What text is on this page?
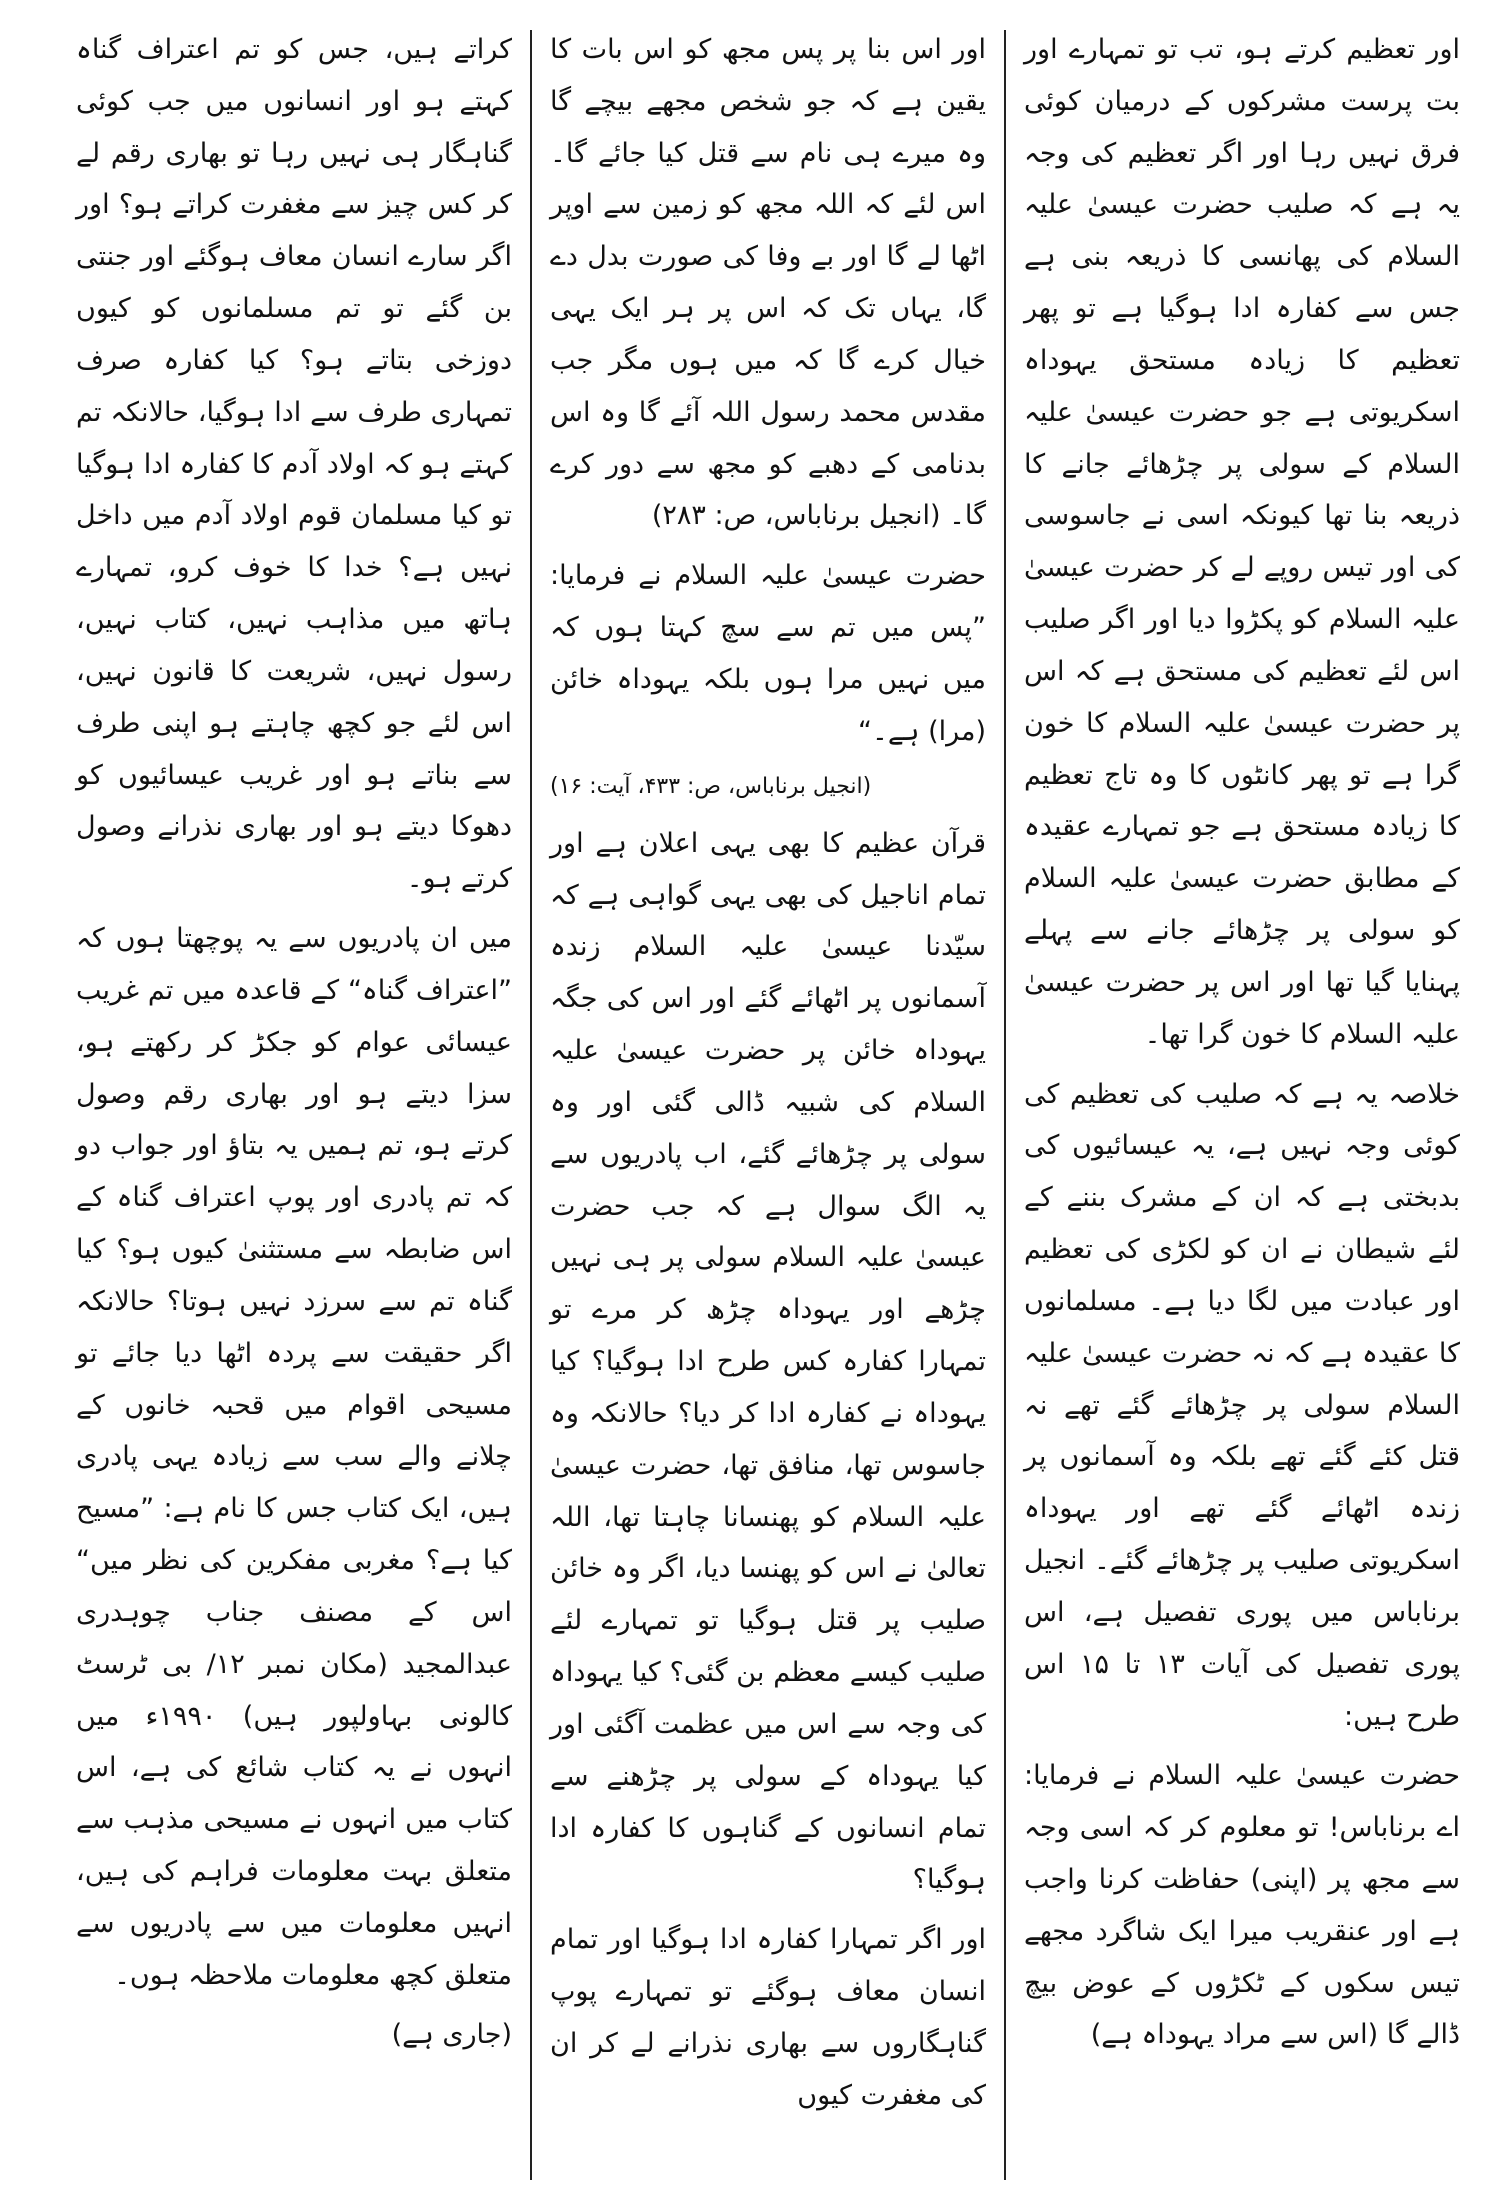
اور تعظیم کرتے ہو، تب تو تمہارے اور بت پرست مشرکوں کے درمیان کوئی فرق نہیں رہا اور اگر تعظیم کی وجہ یہ ہے کہ صلیب حضرت عیسیٰ علیہ السلام کی پھانسی کا ذریعہ بنی ہے جس سے کفارہ ادا ہوگیا ہے تو پھر تعظیم کا زیادہ مستحق یہوداہ اسکریوتی ہے جو حضرت عیسیٰ علیہ السلام کے سولی پر چڑھائے جانے کا ذریعہ بنا تھا کیونکہ اسی نے جاسوسی کی اور تیس روپے لے کر حضرت عیسیٰ علیہ السلام کو پکڑوا دیا اور اگر صلیب اس لئے تعظیم کی مستحق ہے کہ اس پر حضرت عیسیٰ علیہ السلام کا خون گرا ہے تو پھر کانٹوں کا وہ تاج تعظیم کا زیادہ مستحق ہے جو تمہارے عقیدہ کے مطابق حضرت عیسیٰ علیہ السلام کو سولی پر چڑھائے جانے سے پہلے پہنایا گیا تھا اور اس پر حضرت عیسیٰ علیہ السلام کا خون گرا تھا۔

خلاصہ یہ ہے کہ صلیب کی تعظیم کی کوئی وجہ نہیں ہے، یہ عیسائیوں کی بدبختی ہے کہ ان کے مشرک بننے کے لئے شیطان نے ان کو لکڑی کی تعظیم اور عبادت میں لگا دیا ہے۔ مسلمانوں کا عقیدہ ہے کہ نہ حضرت عیسیٰ علیہ السلام سولی پر چڑھائے گئے تھے نہ قتل کئے گئے تھے بلکہ وہ آسمانوں پر زندہ اٹھائے گئے تھے اور یہوداہ اسکریوتی صلیب پر چڑھائے گئے۔ انجیل برناباس میں پوری تفصیل ہے، اس پوری تفصیل کی آیات ۱۳ تا ۱۵ اس طرح ہیں:

حضرت عیسیٰ علیہ السلام نے فرمایا: اے برناباس! تو معلوم کر کہ اسی وجہ سے مجھ پر (اپنی) حفاظت کرنا واجب ہے اور عنقریب میرا ایک شاگرد مجھے تیس سکوں کے ٹکڑوں کے عوض بیچ ڈالے گا (اس سے مراد یہوداہ ہے)

اور اس بنا پر پس مجھ کو اس بات کا یقین ہے کہ جو شخص مجھے بیچے گا وہ میرے ہی نام سے قتل کیا جائے گا۔ اس لئے کہ اللہ مجھ کو زمین سے اوپر اٹھا لے گا اور بے وفا کی صورت بدل دے گا، یہاں تک کہ اس پر ہر ایک یہی خیال کرے گا کہ میں ہوں مگر جب مقدس محمد رسول اللہ آئے گا وہ اس بدنامی کے دھبے کو مجھ سے دور کرے گا۔ (انجیل برناباس، ص: ۲۸۳)

حضرت عیسیٰ علیہ السلام نے فرمایا: ”پس میں تم سے سچ کہتا ہوں کہ میں نہیں مرا ہوں بلکہ یہوداہ خائن (مرا) ہے۔“

(انجیل برناباس، ص: ۴۳۳، آیت: ۱۶)

قرآن عظیم کا بھی یہی اعلان ہے اور تمام اناجیل کی بھی یہی گواہی ہے کہ سیّدنا عیسیٰ علیہ السلام زندہ آسمانوں پر اٹھائے گئے اور اس کی جگہ یہوداہ خائن پر حضرت عیسیٰ علیہ السلام کی شبیہ ڈالی گئی اور وہ سولی پر چڑھائے گئے، اب پادریوں سے یہ الگ سوال ہے کہ جب حضرت عیسیٰ علیہ السلام سولی پر ہی نہیں چڑھے اور یہوداہ چڑھ کر مرے تو تمہارا کفارہ کس طرح ادا ہوگیا؟ کیا یہوداہ نے کفارہ ادا کر دیا؟ حالانکہ وہ جاسوس تھا، منافق تھا، حضرت عیسیٰ علیہ السلام کو پھنسانا چاہتا تھا، اللہ تعالیٰ نے اس کو پھنسا دیا، اگر وہ خائن صلیب پر قتل ہوگیا تو تمہارے لئے صلیب کیسے معظم بن گئی؟ کیا یہوداہ کی وجہ سے اس میں عظمت آگئی اور کیا یہوداہ کے سولی پر چڑھنے سے تمام انسانوں کے گناہوں کا کفارہ ادا ہوگیا؟

اور اگر تمہارا کفارہ ادا ہوگیا اور تمام انسان معاف ہوگئے تو تمہارے پوپ گناہگاروں سے بھاری نذرانے لے کر ان کی مغفرت کیوں

کراتے ہیں، جس کو تم اعتراف گناہ کہتے ہو اور انسانوں میں جب کوئی گناہگار ہی نہیں رہا تو بھاری رقم لے کر کس چیز سے مغفرت کراتے ہو؟ اور اگر سارے انسان معاف ہوگئے اور جنتی بن گئے تو تم مسلمانوں کو کیوں دوزخی بتاتے ہو؟ کیا کفارہ صرف تمہاری طرف سے ادا ہوگیا، حالانکہ تم کہتے ہو کہ اولاد آدم کا کفارہ ادا ہوگیا تو کیا مسلمان قوم اولاد آدم میں داخل نہیں ہے؟ خدا کا خوف کرو، تمہارے ہاتھ میں مذاہب نہیں، کتاب نہیں، رسول نہیں، شریعت کا قانون نہیں، اس لئے جو کچھ چاہتے ہو اپنی طرف سے بناتے ہو اور غریب عیسائیوں کو دھوکا دیتے ہو اور بھاری نذرانے وصول کرتے ہو۔

میں ان پادریوں سے یہ پوچھتا ہوں کہ ”اعتراف گناہ“ کے قاعدہ میں تم غریب عیسائی عوام کو جکڑ کر رکھتے ہو، سزا دیتے ہو اور بھاری رقم وصول کرتے ہو، تم ہمیں یہ بتاؤ اور جواب دو کہ تم پادری اور پوپ اعتراف گناہ کے اس ضابطہ سے مستثنیٰ کیوں ہو؟ کیا گناہ تم سے سرزد نہیں ہوتا؟ حالانکہ اگر حقیقت سے پردہ اٹھا دیا جائے تو مسیحی اقوام میں قحبہ خانوں کے چلانے والے سب سے زیادہ یہی پادری ہیں، ایک کتاب جس کا نام ہے: ”مسیح کیا ہے؟ مغربی مفکرین کی نظر میں“ اس کے مصنف جناب چوہدری عبدالمجید (مکان نمبر ۱۲/ بی ٹرسٹ کالونی بہاولپور ہیں) ۱۹۹۰ء میں انہوں نے یہ کتاب شائع کی ہے، اس کتاب میں انہوں نے مسیحی مذہب سے متعلق بہت معلومات فراہم کی ہیں، انہیں معلومات میں سے پادریوں سے متعلق کچھ معلومات ملاحظہ ہوں۔

(جاری ہے)
